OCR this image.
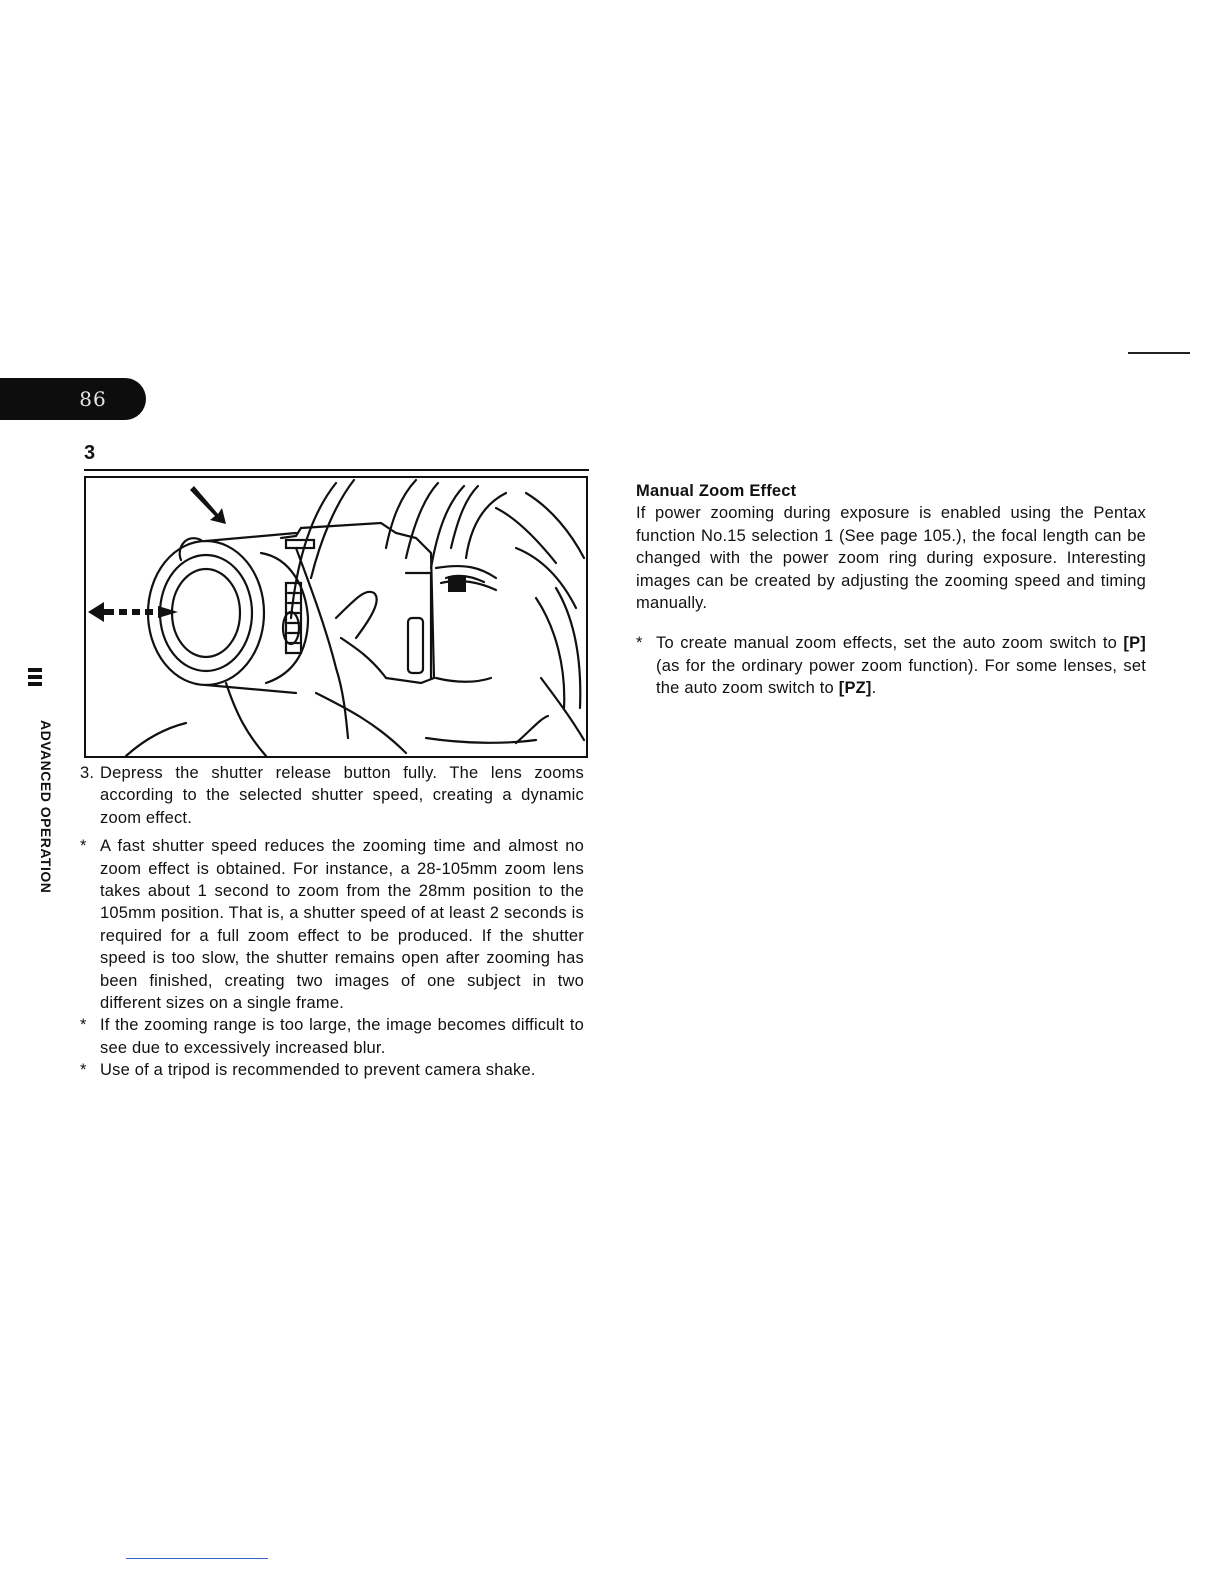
86
ADVANCED OPERATION
3
3. Depress the shutter release button fully. The lens zooms according to the selected shutter speed, creating a dynamic zoom effect.
* A fast shutter speed reduces the zooming time and almost no zoom effect is obtained. For instance, a 28-105mm zoom lens takes about 1 second to zoom from the 28mm position to the 105mm position. That is, a shutter speed of at least 2 seconds is required for a full zoom effect to be produced. If the shutter speed is too slow, the shutter remains open after zooming has been finished, creating two images of one subject in two different sizes on a single frame.
* If the zooming range is too large, the image becomes difficult to see due to excessively increased blur.
* Use of a tripod is recommended to prevent camera shake.
Manual Zoom Effect
If power zooming during exposure is enabled using the Pentax function No.15 selection 1 (See page 105.), the focal length can be changed with the power zoom ring during exposure. Interesting images can be created by adjusting the zooming speed and timing manually.
* To create manual zoom effects, set the auto zoom switch to [P] (as for the ordinary power zoom function). For some lenses, set the auto zoom switch to [PZ].
